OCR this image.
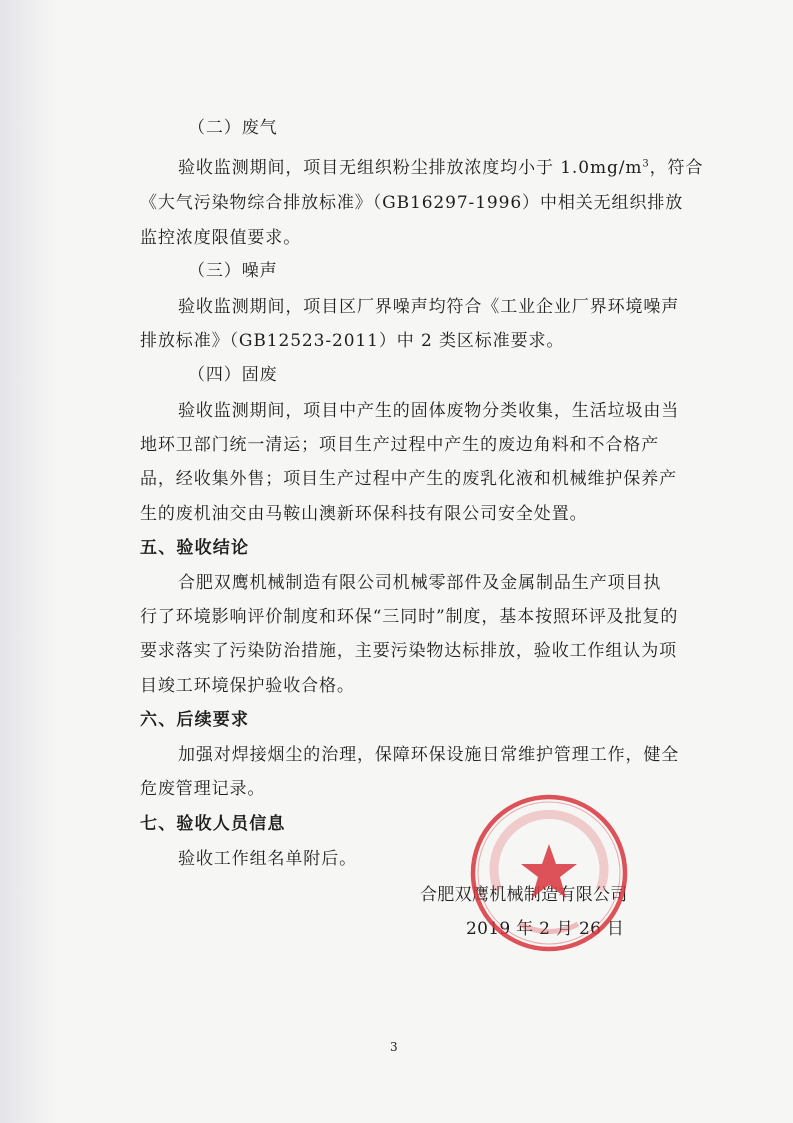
（二）废气
验收监测期间，项目无组织粉尘排放浓度均小于 $1.0mg/m^3$，符合
《大气污染物综合排放标准》（GB16297-1996）中相关无组织排放
监控浓度限值要求。
（三）噪声
验收监测期间，项目区厂界噪声均符合《工业企业厂界环境噪声
排放标准》（GB12523-2011）中 2 类区标准要求。
（四）固废
验收监测期间，项目中产生的固体废物分类收集，生活垃圾由当
地环卫部门统一清运；项目生产过程中产生的废边角料和不合格产
品，经收集外售；项目生产过程中产生的废乳化液和机械维护保养产
生的废机油交由马鞍山澳新环保科技有限公司安全处置。
五、验收结论
合肥双鹰机械制造有限公司机械零部件及金属制品生产项目执
行了环境影响评价制度和环保“三同时”制度，基本按照环评及批复的
要求落实了污染防治措施，主要污染物达标排放，验收工作组认为项
目竣工环境保护验收合格。
六、后续要求
加强对焊接烟尘的治理，保障环保设施日常维护管理工作，健全
危废管理记录。
七、验收人员信息
验收工作组名单附后。
合肥双鹰机械制造有限公司
2019 年 2 月 26 日
3
